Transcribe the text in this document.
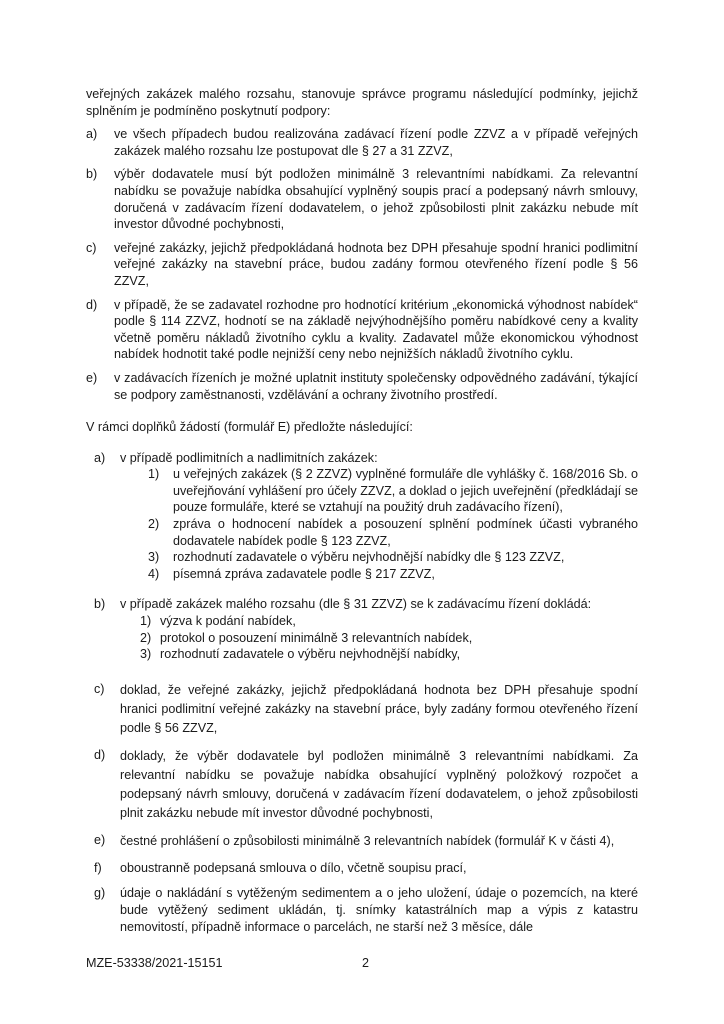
veřejných zakázek malého rozsahu, stanovuje správce programu následující podmínky, jejichž splněním je podmíněno poskytnutí podpory:

a)	ve všech případech budou realizována zadávací řízení podle ZZVZ a v případě veřejných zakázek malého rozsahu lze postupovat dle § 27 a 31 ZZVZ,
b)	výběr dodavatele musí být podložen minimálně 3 relevantními nabídkami. Za relevantní nabídku se považuje nabídka obsahující vyplněný soupis prací a podepsaný návrh smlouvy, doručená v zadávacím řízení dodavatelem, o jehož způsobilosti plnit zakázku nebude mít investor důvodné pochybnosti,
c)	veřejné zakázky, jejichž předpokládaná hodnota bez DPH přesahuje spodní hranici podlimitní veřejné zakázky na stavební práce, budou zadány formou otevřeného řízení podle § 56 ZZVZ,
d)	v případě, že se zadavatel rozhodne pro hodnotící kritérium „ekonomická výhodnost nabídek“ podle § 114 ZZVZ, hodnotí se na základě nejvýhodnějšího poměru nabídkové ceny a kvality včetně poměru nákladů životního cyklu a kvality. Zadavatel může ekonomickou výhodnost nabídek hodnotit také podle nejnižší ceny nebo nejnižších nákladů životního cyklu.
e)	v zadávacích řízeních je možné uplatnit instituty společensky odpovědného zadávání, týkající se podpory zaměstnanosti, vzdělávání a ochrany životního prostředí.

V rámci doplňků žádostí (formulář E) předložte následující:

a)	v případě podlimitních a nadlimitních zakázek:
1)	u veřejných zakázek (§ 2 ZZVZ) vyplněné formuláře dle vyhlášky č. 168/2016 Sb. o uveřejňování vyhlášení pro účely ZZVZ, a doklad o jejich uveřejnění (předkládají se pouze formuláře, které se vztahují na použitý druh zadávacího řízení),
2)	zpráva o hodnocení nabídek a posouzení splnění podmínek účasti vybraného dodavatele nabídek podle § 123 ZZVZ,
3)	rozhodnutí zadavatele o výběru nejvhodnější nabídky dle § 123 ZZVZ,
4)	písemná zpráva zadavatele podle § 217 ZZVZ,
b)	v případě zakázek malého rozsahu (dle § 31 ZZVZ) se k zadávacímu řízení dokládá:
1) výzva k podání nabídek,
2) protokol o posouzení minimálně 3 relevantních nabídek,
3) rozhodnutí zadavatele o výběru nejvhodnější nabídky,
c)	doklad, že veřejné zakázky, jejichž předpokládaná hodnota bez DPH přesahuje spodní hranici podlimitní veřejné zakázky na stavební práce, byly zadány formou otevřeného řízení podle § 56 ZZVZ,
d)	doklady, že výběr dodavatele byl podložen minimálně 3 relevantními nabídkami. Za relevantní nabídku se považuje nabídka obsahující vyplněný položkový rozpočet a podepsaný návrh smlouvy, doručená v zadávacím řízení dodavatelem, o jehož způsobilosti plnit zakázku nebude mít investor důvodné pochybnosti,
e)	čestné prohlášení o způsobilosti minimálně 3 relevantních nabídek (formulář K v části 4),
f)	oboustranně podepsaná smlouva o dílo, včetně soupisu prací,
g)	údaje o nakládání s vytěženým sedimentem a o jeho uložení, údaje o pozemcích, na které bude vytěžený sediment ukládán, tj. snímky katastrálních map a výpis z katastru nemovitostí, případně informace o parcelách, ne starší než 3 měsíce, dále
MZE-53338/2021-15151	2
